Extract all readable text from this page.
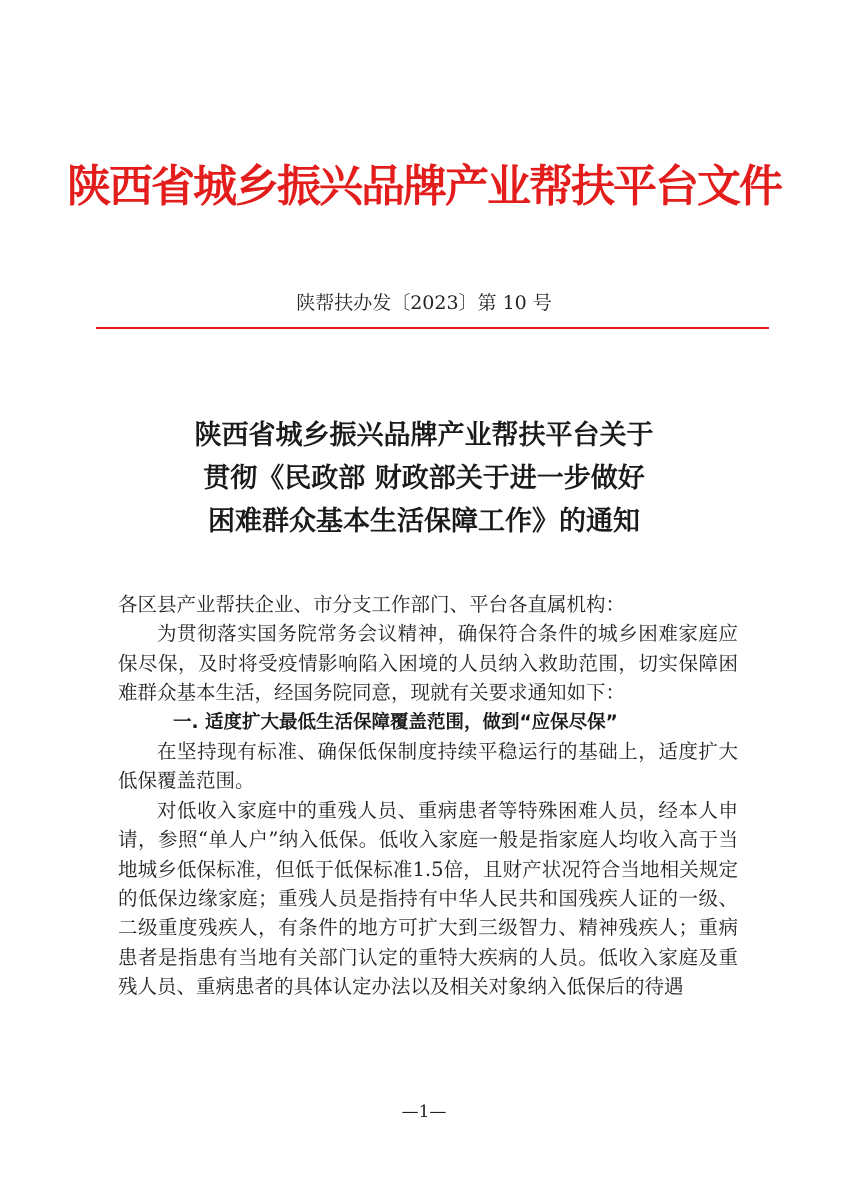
陕西省城乡振兴品牌产业帮扶平台文件
陕帮扶办发〔2023〕第 10 号
陕西省城乡振兴品牌产业帮扶平台关于
贯彻《民政部 财政部关于进一步做好
困难群众基本生活保障工作》的通知

各区县产业帮扶企业、市分支工作部门、平台各直属机构：

为贯彻落实国务院常务会议精神，确保符合条件的城乡困难家庭应保尽保，及时将受疫情影响陷入困境的人员纳入救助范围，切实保障困难群众基本生活，经国务院同意，现就有关要求通知如下：

一. 适度扩大最低生活保障覆盖范围，做到“应保尽保”

在坚持现有标准、确保低保制度持续平稳运行的基础上，适度扩大低保覆盖范围。

对低收入家庭中的重残人员、重病患者等特殊困难人员，经本人申请，参照“单人户”纳入低保。低收入家庭一般是指家庭人均收入高于当地城乡低保标准，但低于低保标准1.5倍，且财产状况符合当地相关规定的低保边缘家庭；重残人员是指持有中华人民共和国残疾人证的一级、二级重度残疾人，有条件的地方可扩大到三级智力、精神残疾人；重病患者是指患有当地有关部门认定的重特大疾病的人员。低收入家庭及重残人员、重病患者的具体认定办法以及相关对象纳入低保后的待遇

—1—
